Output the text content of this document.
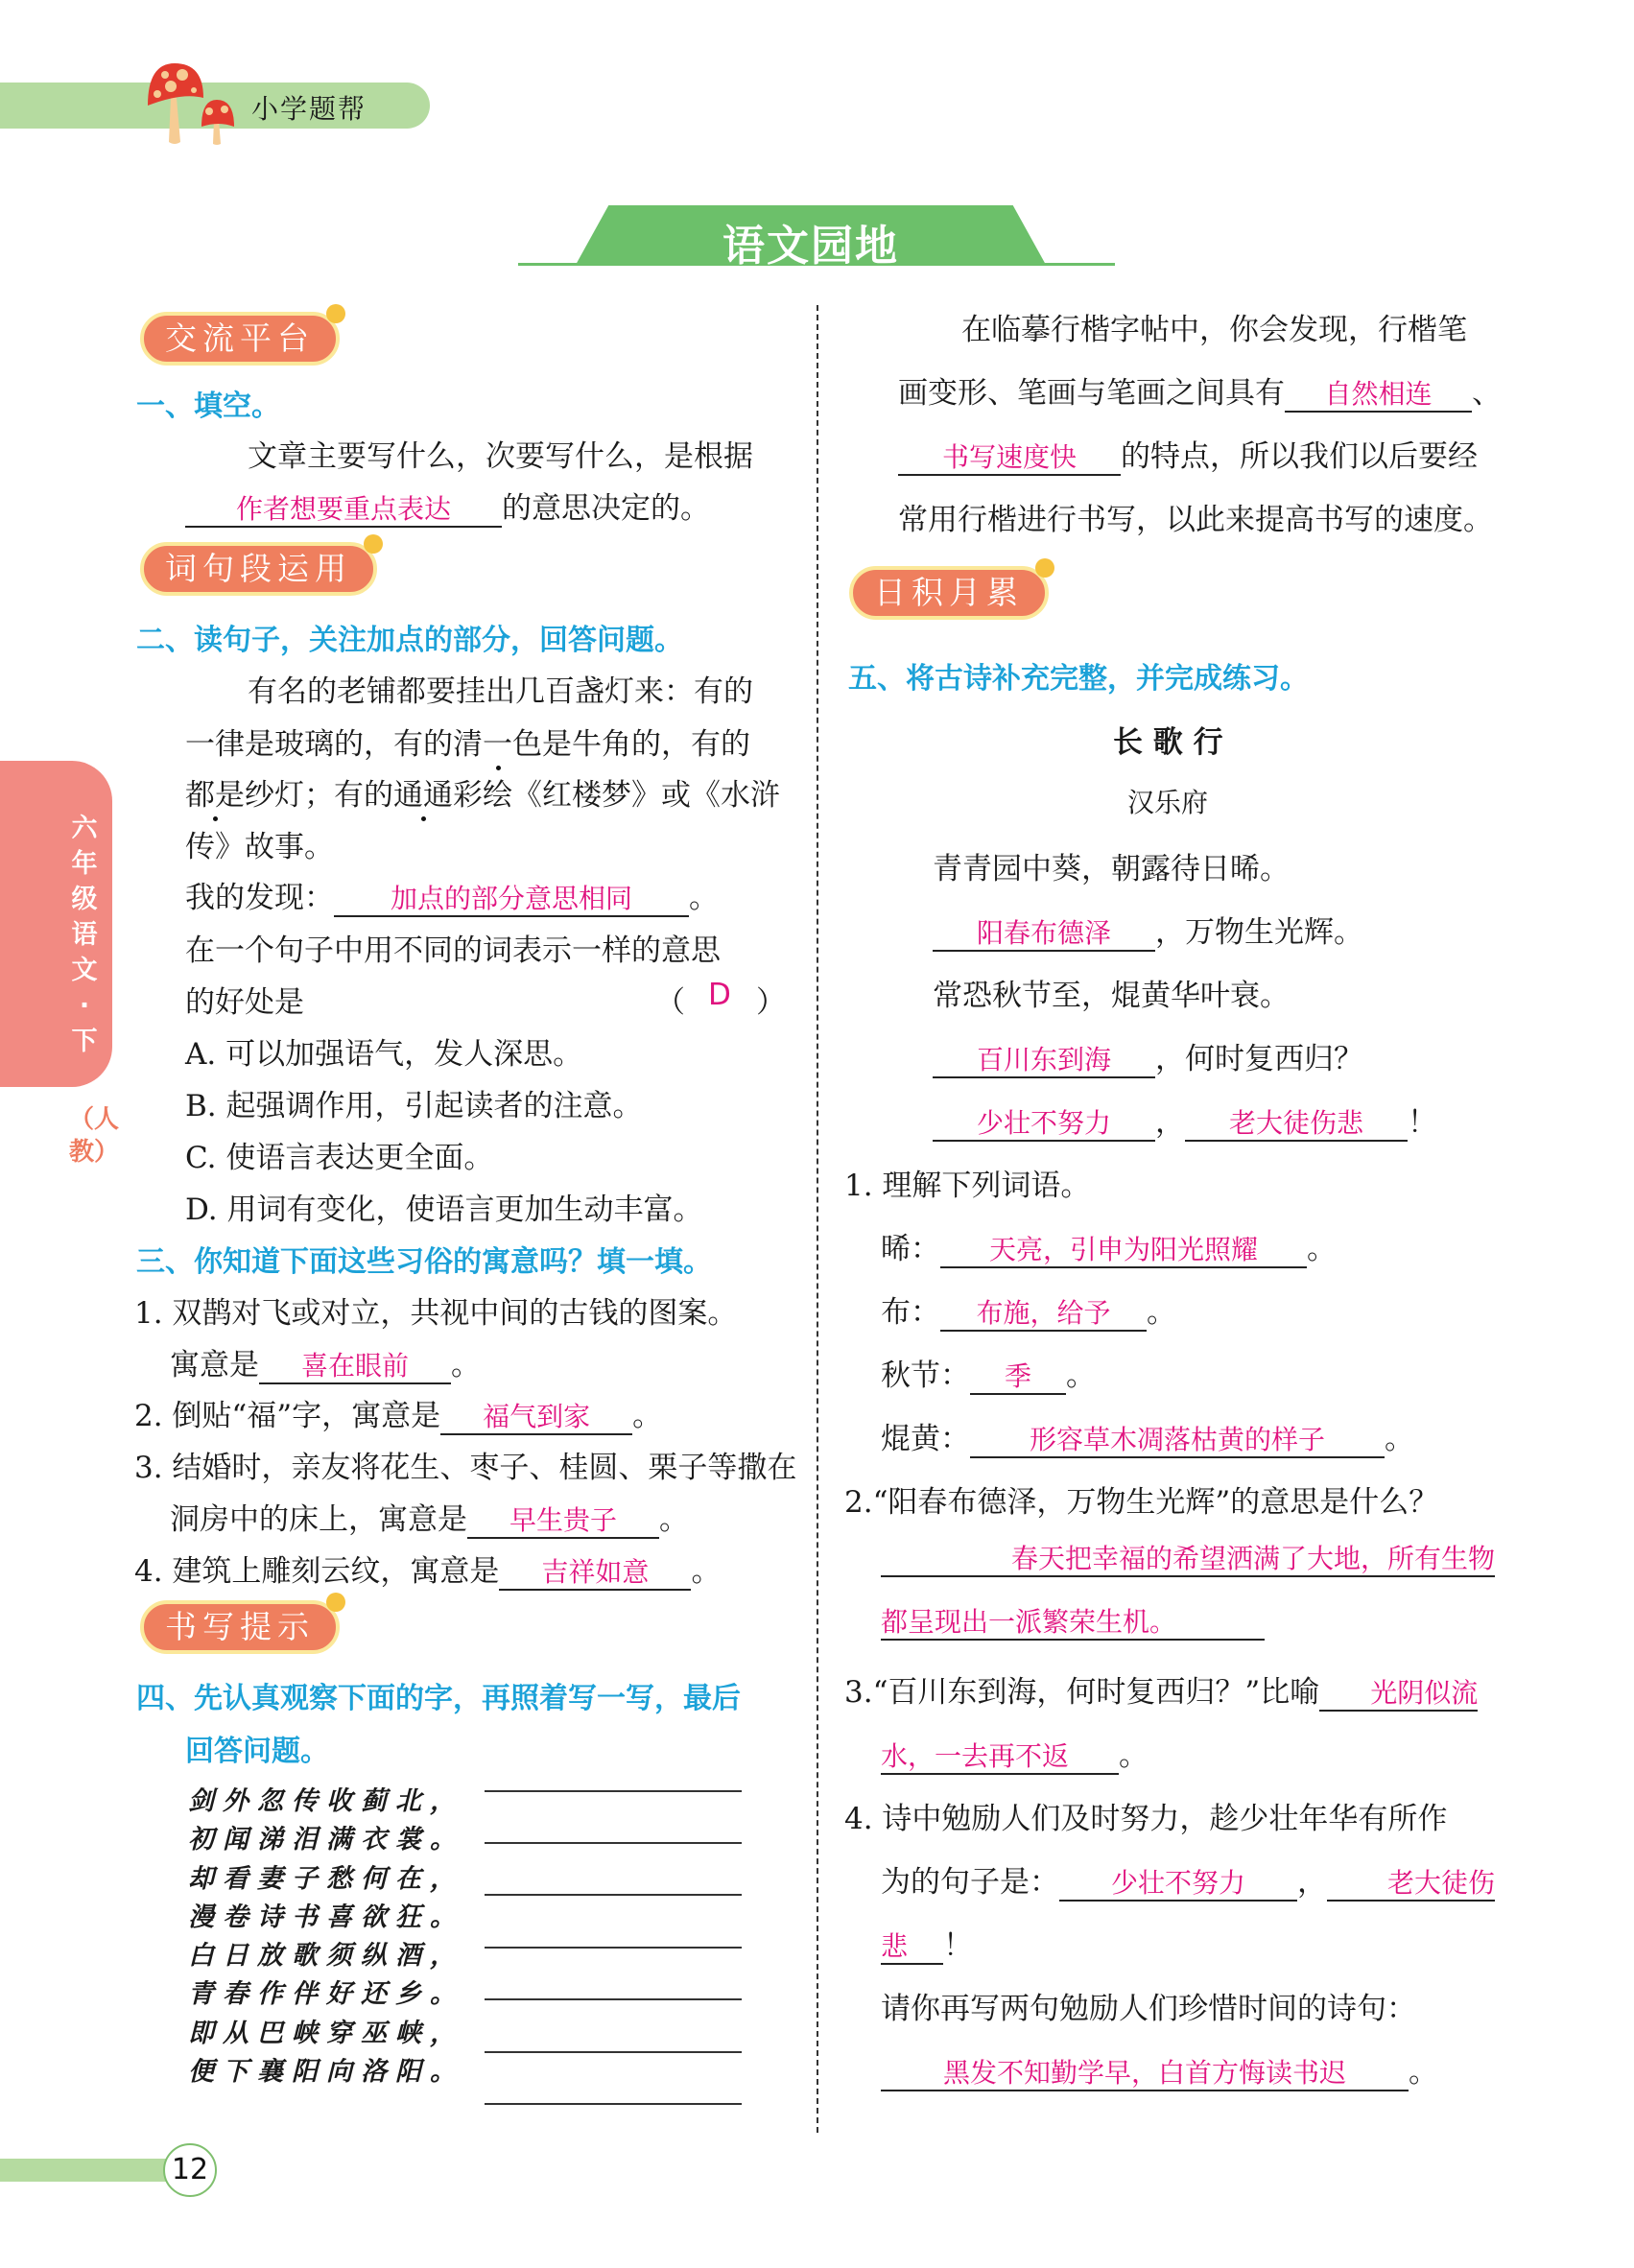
小学题帮
语文园地
六年级语文·下
（人教）
交流平台
一、填空。
文章主要写什么，次要写什么，是根据
作者想要重点表达 的意思决定的。
词句段运用
二、读句子，关注加点的部分，回答问题。
有名的老铺都要挂出几百盏灯来：有的
一律是玻璃的，有的清一色是牛角的，有的
都是纱灯；有的通通彩绘《红楼梦》或《水浒
传》故事。
我的发现： 加点的部分意思相同 。
在一个句子中用不同的词表示一样的意思
的好处是	（ D ）
A. 可以加强语气，发人深思。
B. 起强调作用，引起读者的注意。
C. 使语言表达更全面。
D. 用词有变化，使语言更加生动丰富。
三、你知道下面这些习俗的寓意吗？填一填。
1. 双鹊对飞或对立，共视中间的古钱的图案。
寓意是 喜在眼前 。
2. 倒贴“福”字，寓意是 福气到家 。
3. 结婚时，亲友将花生、枣子、桂圆、栗子等撒在
洞房中的床上，寓意是 早生贵子 。
4. 建筑上雕刻云纹，寓意是 吉祥如意 。
书写提示
四、先认真观察下面的字，再照着写一写，最后
回答问题。
剑外忽传收蓟北，
初闻涕泪满衣裳。
却看妻子愁何在，
漫卷诗书喜欲狂。
白日放歌须纵酒，
青春作伴好还乡。
即从巴峡穿巫峡，
便下襄阳向洛阳。
在临摹行楷字帖中，你会发现，行楷笔
画变形、笔画与笔画之间具有 自然相连 、
书写速度快 的特点，所以我们以后要经
常用行楷进行书写，以此来提高书写的速度。
日积月累
五、将古诗补充完整，并完成练习。
长 歌 行
汉乐府
青青园中葵，朝露待日晞。
阳春布德泽 ，万物生光辉。
常恐秋节至，焜黄华叶衰。
百川东到海 ，何时复西归？
少壮不努力 ， 老大徒伤悲 ！
1. 理解下列词语。
晞： 天亮，引申为阳光照耀 。
布： 布施，给予 。
秋节： 季 。
焜黄： 形容草木凋落枯黄的样子 。
2.“阳春布德泽，万物生光辉”的意思是什么？
春天把幸福的希望洒满了大地，所有生物
都呈现出一派繁荣生机。
3.“百川东到海，何时复西归？”比喻 光阴似流
水，一去再不返 。
4. 诗中勉励人们及时努力，趁少壮年华有所作
为的句子是： 少壮不努力 ， 老大徒伤
悲 ！
请你再写两句勉励人们珍惜时间的诗句：
黑发不知勤学早，白首方悔读书迟 。
12
